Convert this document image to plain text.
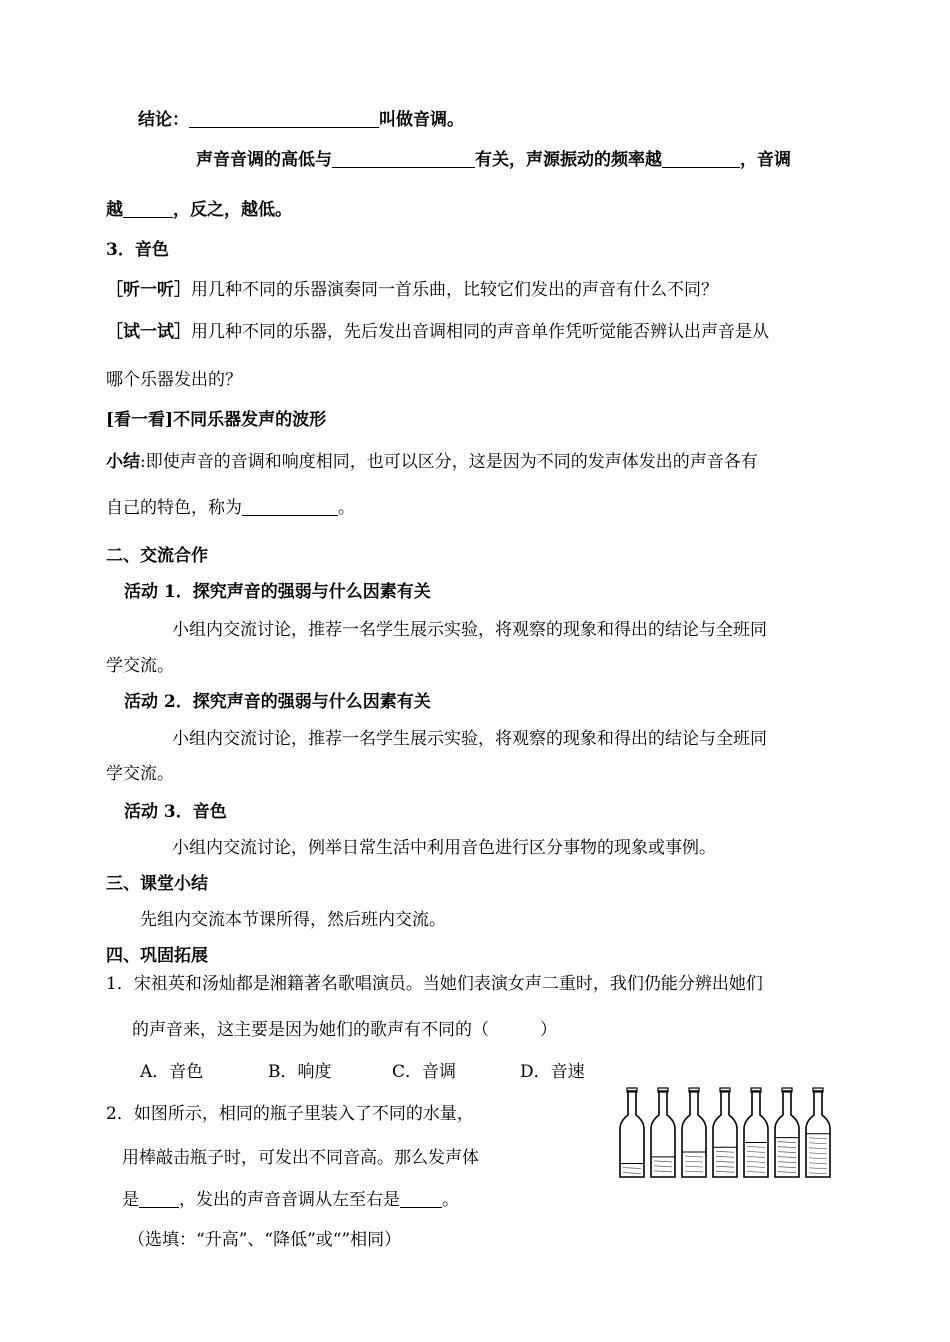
结论：	叫做音调。
声音音调的高低与	有关，声源振动的频率越	，音调
越	，反之，越低。
3．音色
［听一听］用几种不同的乐器演奏同一首乐曲，比较它们发出的声音有什么不同？
［试一试］用几种不同的乐器，先后发出音调相同的声音单作凭听觉能否辨认出声音是从
哪个乐器发出的？
[看一看]不同乐器发声的波形
小结:即使声音的音调和响度相同，也可以区分，这是因为不同的发声体发出的声音各有
自己的特色，称为	。
二、交流合作
活动 1．探究声音的强弱与什么因素有关
小组内交流讨论，推荐一名学生展示实验，将观察的现象和得出的结论与全班同
学交流。
活动 2．探究声音的强弱与什么因素有关
小组内交流讨论，推荐一名学生展示实验，将观察的现象和得出的结论与全班同
学交流。
活动 3．音色
小组内交流讨论，例举日常生活中利用音色进行区分事物的现象或事例。
三、课堂小结
先组内交流本节课所得，然后班内交流。
四、巩固拓展
1．宋祖英和汤灿都是湘籍著名歌唱演员。当她们表演女声二重时，我们仍能分辨出她们
的声音来，这主要是因为她们的歌声有不同的（　　　）
A．音色	B．响度	C．音调	D．音速
2．如图所示，相同的瓶子里装入了不同的水量，
用棒敲击瓶子时，可发出不同音高。那么发声体
是 ，发出的声音音调从左至右是 。
（选填：“升高”、“降低”或“”相同）
